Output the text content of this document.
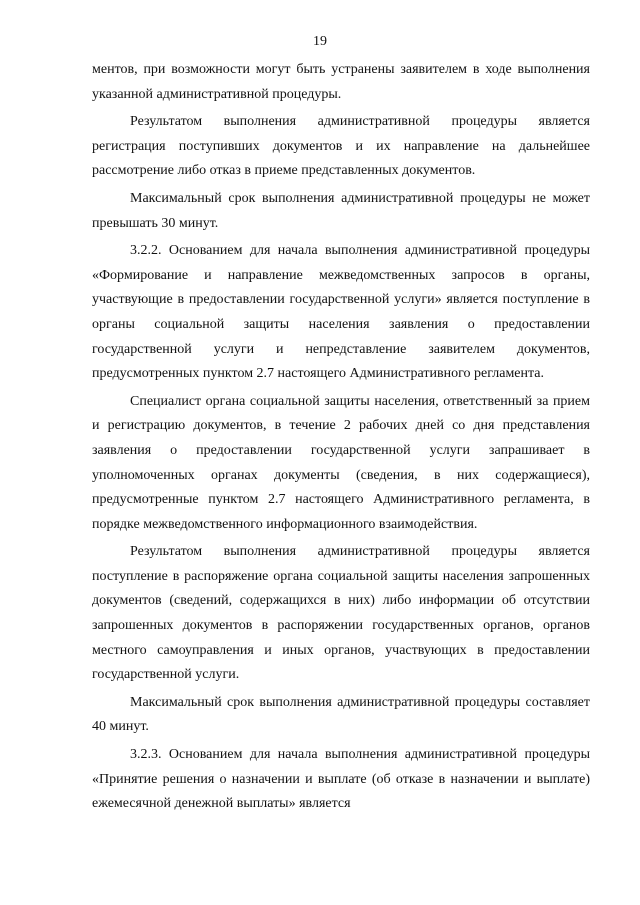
19

ментов, при возможности могут быть устранены заявителем в ходе выполнения указанной административной процедуры.

Результатом выполнения административной процедуры является регистрация поступивших документов и их направление на дальнейшее рассмотрение либо отказ в приеме представленных документов.

Максимальный срок выполнения административной процедуры не может превышать 30 минут.

3.2.2. Основанием для начала выполнения административной процедуры «Формирование и направление межведомственных запросов в органы, участвующие в предоставлении государственной услуги» является поступление в органы социальной защиты населения заявления о предоставлении государственной услуги и непредставление заявителем документов, предусмотренных пунктом 2.7 настоящего Административного регламента.

Специалист органа социальной защиты населения, ответственный за прием и регистрацию документов, в течение 2 рабочих дней со дня представления заявления о предоставлении государственной услуги запрашивает в уполномоченных органах документы (сведения, в них содержащиеся), предусмотренные пунктом 2.7 настоящего Административного регламента, в порядке межведомственного информационного взаимодействия.

Результатом выполнения административной процедуры является поступление в распоряжение органа социальной защиты населения запрошенных документов (сведений, содержащихся в них) либо информации об отсутствии запрошенных документов в распоряжении государственных органов, органов местного самоуправления и иных органов, участвующих в предоставлении государственной услуги.

Максимальный срок выполнения административной процедуры составляет 40 минут.

3.2.3. Основанием для начала выполнения административной процедуры «Принятие решения о назначении и выплате (об отказе в назначении и выплате) ежемесячной денежной выплаты» является
